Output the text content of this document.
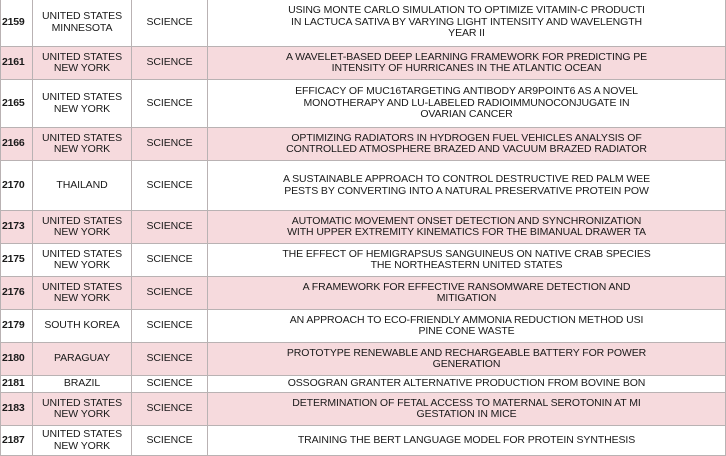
2159	UNITED STATES
MINNESOTA	SCIENCE	USING MONTE CARLO SIMULATION TO OPTIMIZE VITAMIN-C PRODUCTI
IN LACTUCA SATIVA BY VARYING LIGHT INTENSITY AND WAVELENGTH
YEAR II

2161	UNITED STATES
NEW YORK	SCIENCE	A WAVELET-BASED DEEP LEARNING FRAMEWORK FOR PREDICTING PE
INTENSITY OF HURRICANES IN THE ATLANTIC OCEAN

2165	UNITED STATES
NEW YORK	SCIENCE	EFFICACY OF MUC16TARGETING ANTIBODY AR9POINT6 AS A NOVEL
MONOTHERAPY AND LU-LABELED RADIOIMMUNOCONJUGATE IN
OVARIAN CANCER

2166	UNITED STATES
NEW YORK	SCIENCE	OPTIMIZING RADIATORS IN HYDROGEN FUEL VEHICLES ANALYSIS OF
CONTROLLED ATMOSPHERE BRAZED AND VACUUM BRAZED RADIATOR

2170	THAILAND	SCIENCE	A SUSTAINABLE APPROACH TO CONTROL DESTRUCTIVE RED PALM WEE
PESTS BY CONVERTING INTO A NATURAL PRESERVATIVE PROTEIN POW

2173	UNITED STATES
NEW YORK	SCIENCE	AUTOMATIC MOVEMENT ONSET DETECTION AND SYNCHRONIZATION
WITH UPPER EXTREMITY KINEMATICS FOR THE BIMANUAL DRAWER TA

2175	UNITED STATES
NEW YORK	SCIENCE	THE EFFECT OF HEMIGRAPSUS SANGUINEUS ON NATIVE CRAB SPECIES
THE NORTHEASTERN UNITED STATES

2176	UNITED STATES
NEW YORK	SCIENCE	A FRAMEWORK FOR EFFECTIVE RANSOMWARE DETECTION AND
MITIGATION

2179	SOUTH KOREA	SCIENCE	AN APPROACH TO ECO-FRIENDLY AMMONIA REDUCTION METHOD USI
PINE CONE WASTE

2180	PARAGUAY	SCIENCE	PROTOTYPE RENEWABLE AND RECHARGEABLE BATTERY FOR POWER
GENERATION

2181	BRAZIL	SCIENCE	OSSOGRAN GRANTER ALTERNATIVE PRODUCTION FROM BOVINE BON

2183	UNITED STATES
NEW YORK	SCIENCE	DETERMINATION OF FETAL ACCESS TO MATERNAL SEROTONIN AT MI
GESTATION IN MICE

2187	UNITED STATES
NEW YORK	SCIENCE	TRAINING THE BERT LANGUAGE MODEL FOR PROTEIN SYNTHESIS
